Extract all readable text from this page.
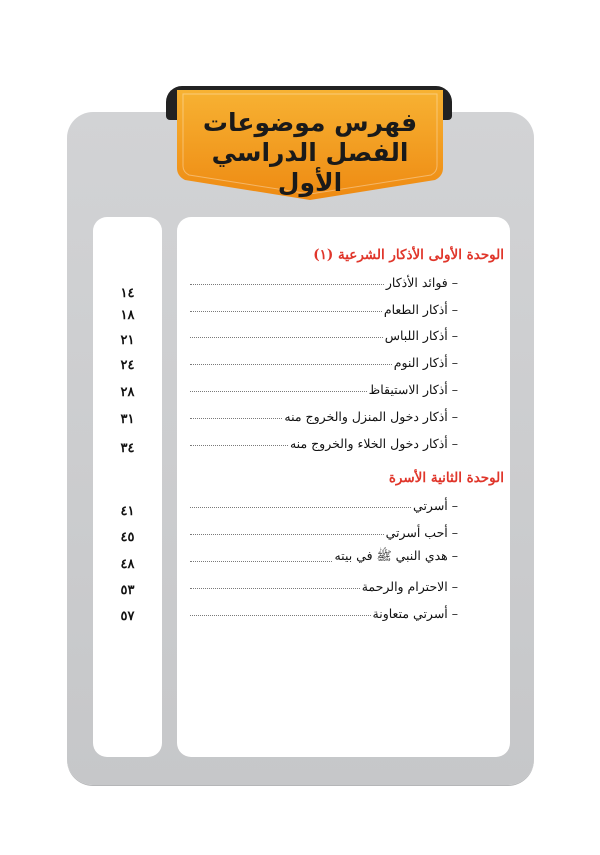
فهرس موضوعات
الفصل الدراسي الأول
الوحدة الأولى الأذكار الشرعية (١)
– فوائد الأذكار
١٤
– أذكار الطعام
١٨
– أذكار اللباس
٢١
– أذكار النوم
٢٤
– أذكار الاستيقاظ
٢٨
– أذكار دخول المنزل والخروج منه
٣١
– أذكار دخول الخلاء والخروج منه
٣٤
الوحدة الثانية الأسرة
– أسرتي
٤١
– أحب أسرتي
٤٥
– هدي النبي ﷺ في بيته
٤٨
– الاحترام والرحمة
٥٣
– أسرتي متعاونة
٥٧
